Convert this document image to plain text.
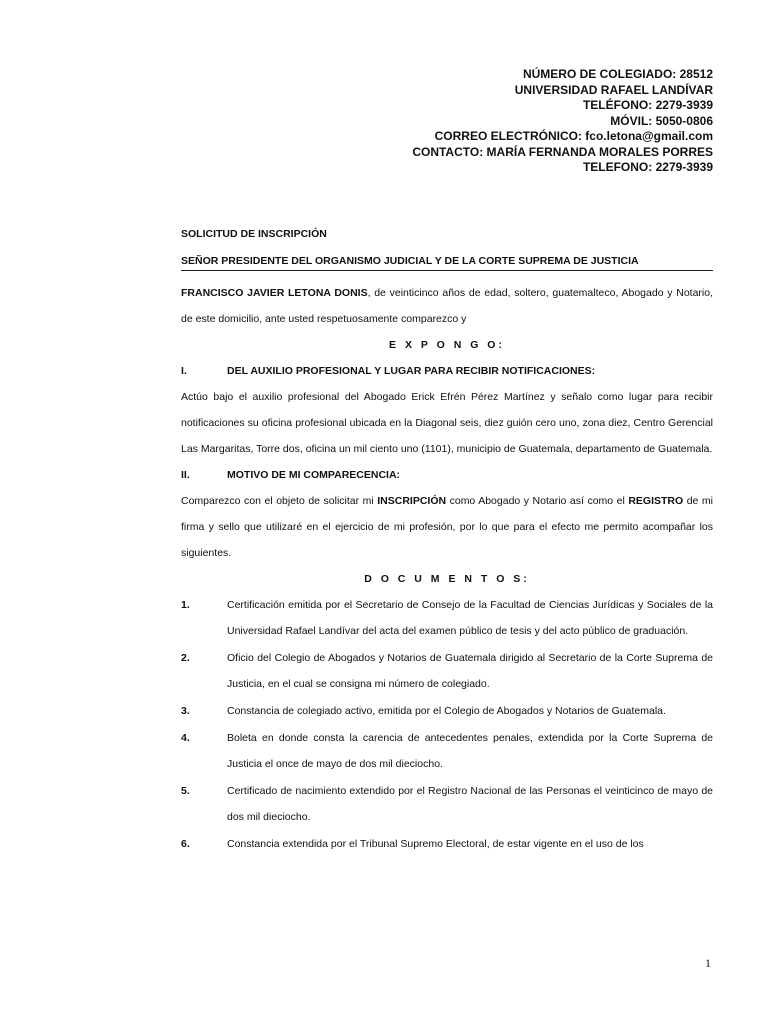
NÚMERO DE COLEGIADO: 28512
UNIVERSIDAD RAFAEL LANDÍVAR
TELÉFONO: 2279-3939
MÓVIL: 5050-0806
CORREO ELECTRÓNICO: fco.letona@gmail.com
CONTACTO: MARÍA FERNANDA MORALES PORRES
TELEFONO: 2279-3939
SOLICITUD DE INSCRIPCIÓN
SEÑOR PRESIDENTE DEL ORGANISMO JUDICIAL Y DE LA CORTE SUPREMA DE JUSTICIA
FRANCISCO JAVIER LETONA DONIS, de veinticinco años de edad, soltero, guatemalteco, Abogado y Notario, de este domicilio, ante usted respetuosamente comparezco y
E X P O N G O:
I.	DEL AUXILIO PROFESIONAL Y LUGAR PARA RECIBIR NOTIFICACIONES:
Actúo bajo el auxilio profesional del Abogado Erick Efrén Pérez Martínez y señalo como lugar para recibir notificaciones su oficina profesional ubicada en la Diagonal seis, diez guión cero uno, zona diez, Centro Gerencial Las Margaritas, Torre dos, oficina un mil ciento uno (1101), municipio de Guatemala, departamento de Guatemala.
II.	MOTIVO DE MI COMPARECENCIA:
Comparezco con el objeto de solicitar mi INSCRIPCIÓN como Abogado y Notario así como el REGISTRO de mi firma y sello que utilizaré en el ejercicio de mi profesión, por lo que para el efecto me permito acompañar los siguientes.
D O C U M E N T O S:
1.	Certificación emitida por el Secretario de Consejo de la Facultad de Ciencias Jurídicas y Sociales de la Universidad Rafael Landívar del acta del examen público de tesis y del acto público de graduación.
2.	Oficio del Colegio de Abogados y Notarios de Guatemala dirigido al Secretario de la Corte Suprema de Justicia, en el cual se consigna mi número de colegiado.
3.	Constancia de colegiado activo, emitida por el Colegio de Abogados y Notarios de Guatemala.
4.	Boleta en donde consta la carencia de antecedentes penales, extendida por la Corte Suprema de Justicia el once de mayo de dos mil dieciocho.
5.	Certificado de nacimiento extendido por el Registro Nacional de las Personas el veinticinco de mayo de dos mil dieciocho.
6.	Constancia extendida por el Tribunal Supremo Electoral, de estar vigente en el uso de los
1
